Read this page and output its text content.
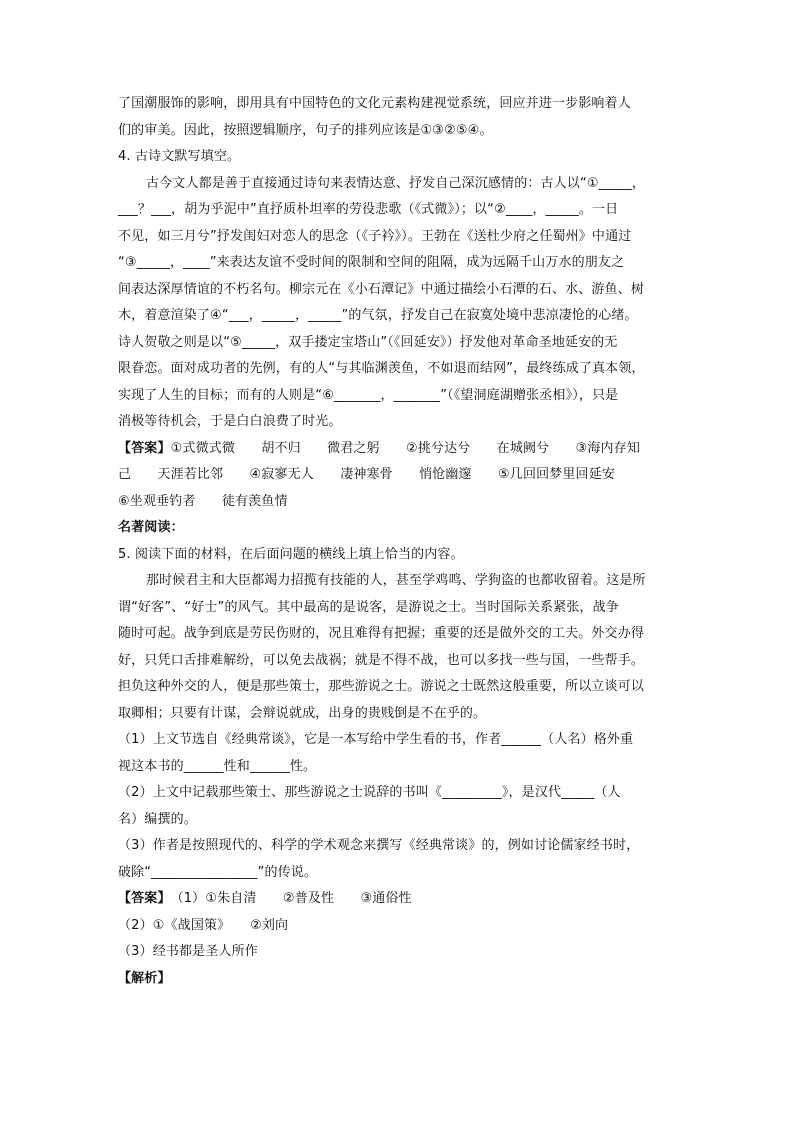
了国潮服饰的影响，即用具有中国特色的文化元素构建视觉系统，回应并进一步影响着人
们的审美。因此，按照逻辑顺序，句子的排列应该是①③②⑤④。
4. 古诗文默写填空。
古今文人都是善于直接通过诗句来表情达意、抒发自己深沉感情的：古人以“①_____，
___？___，胡为乎泥中”直抒质朴坦率的劳役悲歌（《式微》）；以“②____，_____。一日
不见，如三月兮”抒发闺妇对恋人的思念（《子衿》）。王勃在《送杜少府之任蜀州》中通过
“③_____，____”来表达友谊不受时间的限制和空间的阻隔，成为远隔千山万水的朋友之
间表达深厚情谊的不朽名句。柳宗元在《小石潭记》中通过描绘小石潭的石、水、游鱼、树
木，着意渲染了④“___，_____，_____”的气氛，抒发自己在寂寞处境中悲凉凄怆的心绪。
诗人贺敬之则是以“⑤_____，双手搂定宝塔山”（《回延安》）抒发他对革命圣地延安的无
限眷恋。面对成功者的先例，有的人“与其临渊羡鱼，不如退而结网”，最终练成了真本领，
实现了人生的目标；而有的人则是“⑥_______，_______”（《望洞庭湖赠张丞相》），只是
消极等待机会，于是白白浪费了时光。
【答案】①式微式微　　胡不归　　微君之躬　　②挑兮达兮　　在城阙兮　　③海内存知
己　　天涯若比邻　　④寂寥无人　　凄神寒骨　　悄怆幽邃　　⑤几回回梦里回延安
⑥坐观垂钓者　　徒有羡鱼情
名著阅读：
5. 阅读下面的材料，在后面问题的横线上填上恰当的内容。
那时候君主和大臣都竭力招揽有技能的人，甚至学鸡鸣、学狗盗的也都收留着。这是所
谓“好客”、“好士”的风气。其中最高的是说客，是游说之士。当时国际关系紧张，战争
随时可起。战争到底是劳民伤财的，况且难得有把握；重要的还是做外交的工夫。外交办得
好，只凭口舌排难解纷，可以免去战祸；就是不得不战，也可以多找一些与国，一些帮手。
担负这种外交的人，便是那些策士，那些游说之士。游说之士既然这般重要，所以立谈可以
取卿相；只要有计谋，会辩说就成，出身的贵贱倒是不在乎的。
（1）上文节选自《经典常谈》，它是一本写给中学生看的书，作者______（人名）格外重
视这本书的______性和______性。
（2）上文中记载那些策士、那些游说之士说辞的书叫《_________》，是汉代_____（人
名）编撰的。
（3）作者是按照现代的、科学的学术观念来撰写《经典常谈》的，例如讨论儒家经书时，
破除“________________”的传说。
【答案】（1）①朱自清　　②普及性　　③通俗性
（2）①《战国策》　　②刘向
（3）经书都是圣人所作
【解析】
